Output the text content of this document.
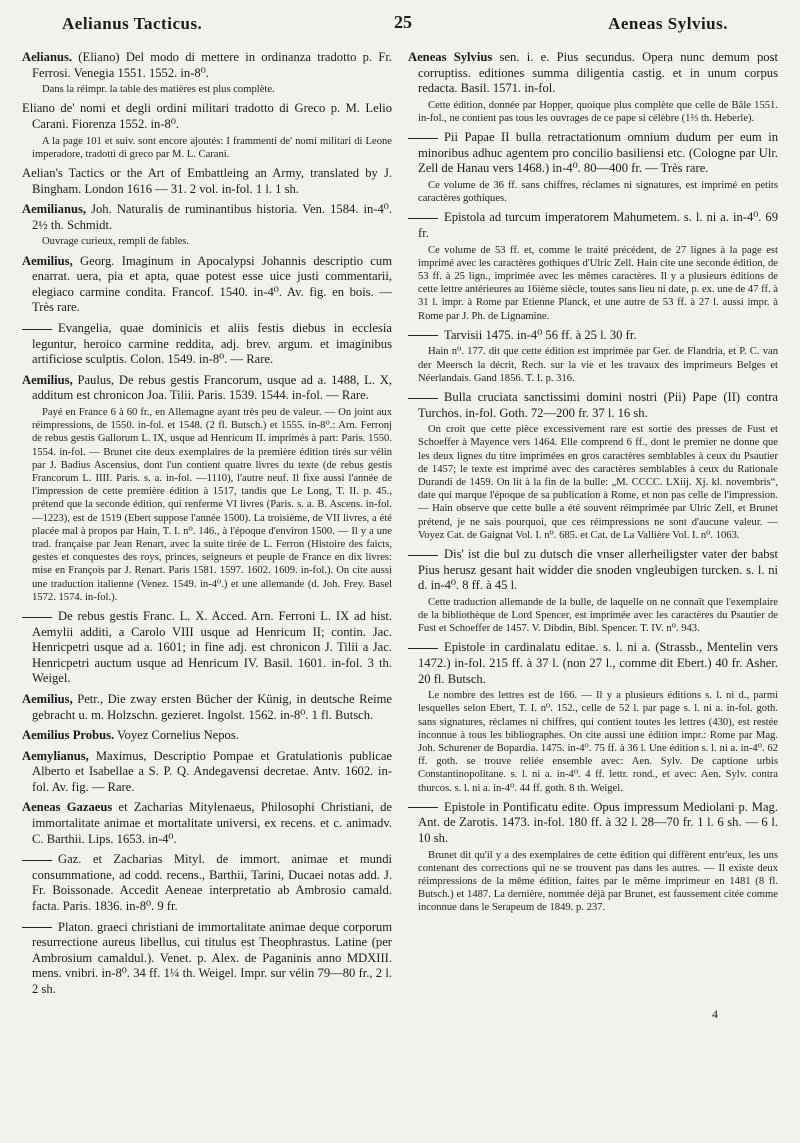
Aelianus Tacticus.	25	Aeneas Sylvius.

Aelianus. (Eliano) Del modo di mettere in ordinanza tradotto p. Fr. Ferrosi. Venegia 1551. 1552. in-8⁰.

Dans la réimpr. la table des matières est plus complète.

Eliano de' nomi et degli ordini militari tradotto di Greco p. M. Lelio Carani. Fiorenza 1552. in-8⁰.

A la page 101 et suiv. sont encore ajoutés: I frammenti de' nomi militari di Leone imperadore, tradotti di greco par M. L. Carani.

Aelian's Tactics or the Art of Embattleing an Army, translated by J. Bingham. London 1616 — 31. 2 vol. in-fol. 1 l. 1 sh.

Aemilianus, Joh. Naturalis de ruminantibus historia. Ven. 1584. in-4⁰. 2½ th. Schmidt.

Ouvrage curieux, rempli de fables.

Aemilius, Georg. Imaginum in Apocalypsi Johannis descriptio cum enarrat. uera, pia et apta, quae potest esse uice justi commentarii, elegiaco carmine condita. Francof. 1540. in-4⁰. Av. fig. en bois. — Très rare.

Evangelia, quae dominicis et aliis festis diebus in ecclesia leguntur, heroico carmine reddita, adj. brev. argum. et imaginibus artificiose sculptis. Colon. 1549. in-8⁰. — Rare.

Aemilius, Paulus, De rebus gestis Francorum, usque ad a. 1488, L. X, additum est chronicon Joa. Tilii. Paris. 1539. 1544. in-fol. — Rare.

Payé en France 6 à 60 fr., en Allemagne ayant très peu de valeur. — On joint aux réimpressions, de 1550. in-fol. et 1548. (2 fl. Butsch.) et 1555. in-8⁰.: Arn. Ferronj de rebus gestis Gallorum L. IX, usque ad Henricum II. imprimés à part: Paris. 1550. 1554. in-fol. — Brunet cite deux exemplaires de la première édition tirés sur vélin par J. Badius Ascensius, dont l'un contient quatre livres du texte (de rebus gestis Francorum L. IIII. Paris. s. a. in-fol. —1110), l'autre neuf. Il fixe aussi l'année de l'impression de cette première édition à 1517, tandis que Le Long, T. II. p. 45., prétend que la seconde édition, qui renferme VI livres (Paris. s. a. B. Ascens. in-fol. —1223), est de 1519 (Ebert suppose l'année 1500). La troisième, de VII livres, a été placée mal à propos par Hain, T. I. n⁰. 146., à l'époque d'environ 1500. — Il y a une trad. française par Jean Renart, avec la suite tirée de L. Ferron (Histoire des faicts, gestes et conquestes des roys, princes, seigneurs et peuple de France en dix livres: mise en François par J. Renart. Paris 1581. 1597. 1602. 1609. in-fol.). On cite aussi une traduction italienne (Venez. 1549. in-4⁰.) et une allemande (d. Joh. Frey. Basel 1572. 1574. in-fol.).

De rebus gestis Franc. L. X. Acced. Arn. Ferroni L. IX ad hist. Aemylii additi, a Carolo VIII usque ad Henricum II; contin. Jac. Henricpetri usque ad a. 1601; in fine adj. est chronicon J. Tilii a Jac. Henricpetri auctum usque ad Henricum IV. Basil. 1601. in-fol. 3 th. Weigel.

Aemilius, Petr., Die zway ersten Bücher der Künig, in deutsche Reime gebracht u. m. Holzschn. gezieret. Ingolst. 1562. in-8⁰. 1 fl. Butsch.

Aemilius Probus. Voyez Cornelius Nepos.

Aemylianus, Maximus, Descriptio Pompae et Gratulationis publicae Alberto et Isabellae a S. P. Q. Andegavensi decretae. Antv. 1602. in-fol. Av. fig. — Rare.

Aeneas Gazaeus et Zacharias Mitylenaeus, Philosophi Christiani, de immortalitate animae et mortalitate universi, ex recens. et c. animadv. C. Barthii. Lips. 1653. in-4⁰.

Gaz. et Zacharias Mityl. de immort. animae et mundi consummatione, ad codd. recens., Barthii, Tarini, Ducaei notas add. J. Fr. Boissonade. Accedit Aeneae interpretatio ab Ambrosio camald. facta. Paris. 1836. in-8⁰. 9 fr.

Platon. graeci christiani de immortalitate animae deque corporum resurrectione aureus libellus, cui titulus est Theophrastus. Latine (per Ambrosium camaldul.). Venet. p. Alex. de Paganinis anno MDXIII. mens. vnibri. in-8⁰. 34 ff. 1¼ th. Weigel. Impr. sur vélin 79—80 fr., 2 l. 2 sh.

Aeneas Sylvius sen. i. e. Pius secundus. Opera nunc demum post corruptiss. editiones summa diligentia castig. et in unum corpus redacta. Basil. 1571. in-fol.

Cette édition, donnée par Hopper, quoique plus complète que celle de Bâle 1551. in-fol., ne contient pas tous les ouvrages de ce pape si célèbre (1⅔ th. Heberle).

Pii Papae II bulla retractationum omnium dudum per eum in minoribus adhuc agentem pro concilio basiliensi etc. (Cologne par Ulr. Zell de Hanau vers 1468.) in-4⁰. 80—400 fr. — Très rare.

Ce volume de 36 ff. sans chiffres, réclames ni signatures, est imprimé en petits caractères gothiques.

Epistola ad turcum imperatorem Mahumetem. s. l. ni a. in-4⁰. 69 fr.

Ce volume de 53 ff. et, comme le traité précédent, de 27 lignes à la page est imprimé avec les caractères gothiques d'Ulric Zell. Hain cite une seconde édition, de 53 ff. à 25 lign., imprimée avec les mêmes caractères. Il y a plusieurs éditions de cette lettre antérieures au 16ième siècle, toutes sans lieu ni date, p. ex. une de 47 ff. à 31 l. impr. à Rome par Etienne Planck, et une autre de 53 ff. à 27 l. aussi impr. à Rome par J. Ph. de Lignamine.

Tarvisii 1475. in-4⁰ 56 ff. à 25 l. 30 fr.

Hain n⁰. 177. dit que cette édition est imprimée par Ger. de Flandria, et P. C. van der Meersch la décrit, Rech. sur la vie et les travaux des imprimeurs Belges et Néerlandais. Gand 1856. T. I. p. 316.

Bulla cruciata sanctissimi domini nostri (Pii) Pape (II) contra Turchos. in-fol. Goth. 72—200 fr. 37 l. 16 sh.

On croit que cette pièce excessivement rare est sortie des presses de Fust et Schoeffer à Mayence vers 1464. Elle comprend 6 ff., dont le premier ne donne que les deux lignes du titre imprimées en gros caractères semblables à ceux du Psautier de 1457; le texte est imprimé avec des caractères semblables à ceux du Rationale Durandi de 1459. On lit à la fin de la bulle: „M. CCCC. LXiij. Xj. kl. novembris“, date qui marque l'époque de sa publication à Rome, et non pas celle de l'impression. — Hain observe que cette bulle a été souvent réimprimée par Ulric Zell, et Brunet prétend, je ne sais pourquoi, que ces réimpressions ne sont d'aucune valeur. — Voyez Cat. de Gaignat Vol. I. n⁰. 685. et Cat. de La Vallière Vol. I. n⁰. 1063.

Dis' ist die bul zu dutsch die vnser allerheiligster vater der babst Pius herusz gesant hait widder die snoden vngleubigen turcken. s. l. ni d. in-4⁰. 8 ff. à 45 l.

Cette traduction allemande de la bulle, de laquelle on ne connaît que l'exemplaire de la bibliothèque de Lord Spencer, est imprimée avec les caractères du Psautier de Fust et Schoeffer de 1457. V. Dibdin, Bibl. Spencer. T. IV. n⁰. 943.

Epistole in cardinalatu editae. s. l. ni a. (Strassb., Mentelin vers 1472.) in-fol. 215 ff. à 37 l. (non 27 l., comme dit Ebert.) 40 fr. Asher. 20 fl. Butsch.

Le nombre des lettres est de 166. — Il y a plusieurs éditions s. l. ni d., parmi lesquelles selon Ebert, T. I. n⁰. 152., celle de 52 l. par page s. l. ni a. in-fol. goth. sans signatures, réclames ni chiffres, qui contient toutes les lettres (430), est restée inconnue à tous les bibliographes. On cite aussi une édition impr.: Rome par Mag. Joh. Schurener de Bopardia. 1475. in-4⁰. 75 ff. à 36 l. Une édition s. l. ni a. in-4⁰. 62 ff. goth. se trouve reliée ensemble avec: Aen. Sylv. De captione urbis Constantinopolitane. s. l. ni a. in-4⁰. 4 ff. lettr. rond., et avec: Aen. Sylv. contra thurcos. s. l. ni a. in-4⁰. 44 ff. goth. 8 th. Weigel.

Epistole in Pontificatu edite. Opus impressum Mediolani p. Mag. Ant. de Zarotis. 1473. in-fol. 180 ff. à 32 l. 28—70 fr. 1 l. 6 sh. — 6 l. 10 sh.

Brunet dit qu'il y a des exemplaires de cette édition qui diffèrent entr'eux, les uns contenant des corrections qui ne se trouvent pas dans les autres. — Il existe deux réimpressions de la même édition, faites par le même imprimeur en 1481 (8 fl. Butsch.) et 1487. La dernière, nommée déjà par Brunet, est faussement citée comme inconnue dans le Serapeum de 1849. p. 237.

4
